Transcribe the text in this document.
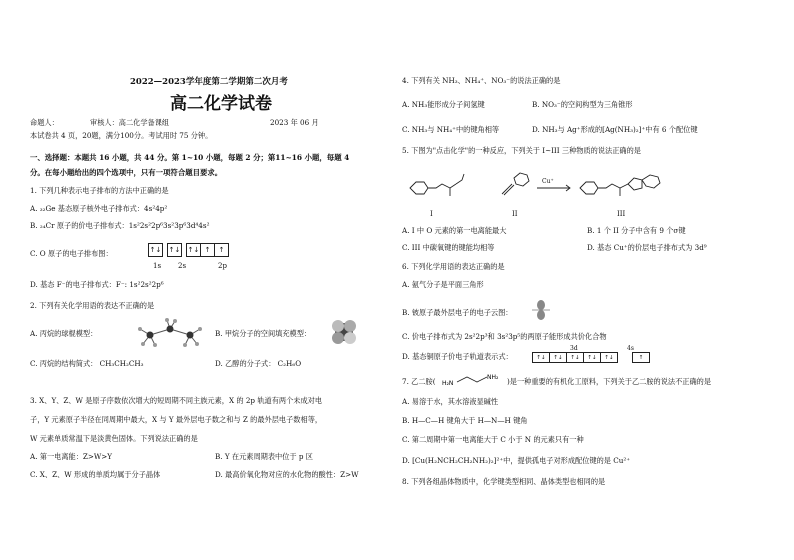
2022—2023学年度第二学期第二次月考
高二化学试卷
命题人：	审核人：高二化学备课组	2023 年 06 月
本试卷共 4 页，20题，满分100分。考试用时 75 分钟。
一、选择题：本题共 16 小题，共 44 分。第 1~10 小题，每题 2 分；第11~16 小题，每题 4
分。在每小题给出的四个选项中，只有一项符合题目要求。
1. 下列几种表示电子排布的方法中正确的是
A. ₃₂Ge 基态原子核外电子排布式：4s²4p²
B. ₂₄Cr 原子的价电子排布式：1s²2s²2p⁶3s²3p⁶3d⁴4s²
C. O 原子的电子排布图：	↑↓ ↑↓ ↑↓ ↑	↑
1s 2s	2p
D. 基态 F⁻的电子排布式：F⁻: 1s²2s²2p⁶
2. 下列有关化学用语的表达不正确的是
A. 丙烷的球棍模型：	B. 甲烷分子的空间填充模型：
C. 丙烷的结构简式： CH₃CH₂CH₃	D. 乙醇的分子式： C₂H₆O
3. X、Y、Z、W 是原子序数依次增大的短周期不同主族元素，X 的 2p 轨道有两个未成对电
子，Y 元素原子半径在同周期中最大，X 与 Y 最外层电子数之和与 Z 的最外层电子数相等，
W 元素单质常温下是淡黄色固体。下列说法正确的是
A. 第一电离能：Z>W>Y	B. Y 在元素周期表中位于 p 区
C. X、Z、W 形成的单质均属于分子晶体	D. 最高价氧化物对应的水化物的酸性：Z>W
4. 下列有关 NH₃、NH₄⁺、NO₃⁻的说法正确的是
A. NH₃能形成分子间氢键	B. NO₃⁻的空间构型为三角锥形
C. NH₃与 NH₄⁺中的键角相等	D. NH₃与 Ag⁺形成的[Ag(NH₃)₂]⁺中有 6 个配位键
5. 下图为"点击化学"的一种反应，下列关于 I~III 三种物质的说法正确的是
I	II
Cu⁺
III
A. I 中 O 元素的第一电离能最大	B. 1 个 II 分子中含有 9 个σ键
C. III 中碳氧键的键能均相等	D. 基态 Cu⁺的价层电子排布式为 3d⁹
6. 下列化学用语的表达正确的是
A. 氨气分子是平面三角形
B. 铍原子最外层电子的电子云图：
C. 价电子排布式为 2s²2p³和 3s²3p⁵的两原子能形成共价化合物
D. 基态铜原子价电子轨道表示式：
3d	4s
↑↓	↑↓	↑↓	↑↓	↑↓	↑
7. 乙二胺( H₂N
NH₂ )是一种重要的有机化工原料，下列关于乙二胺的说法不正确的是
A. 易溶于水，其水溶液显碱性
B. H—C—H 键角大于 H—N—H 键角
C. 第二周期中第一电离能大于 C 小于 N 的元素只有一种
D. [Cu(H₂NCH₂CH₂NH₂)₂]²⁺中，提供孤电子对形成配位键的是 Cu²⁺
8. 下列各组晶体物质中，化学键类型相同、晶体类型也相同的是
